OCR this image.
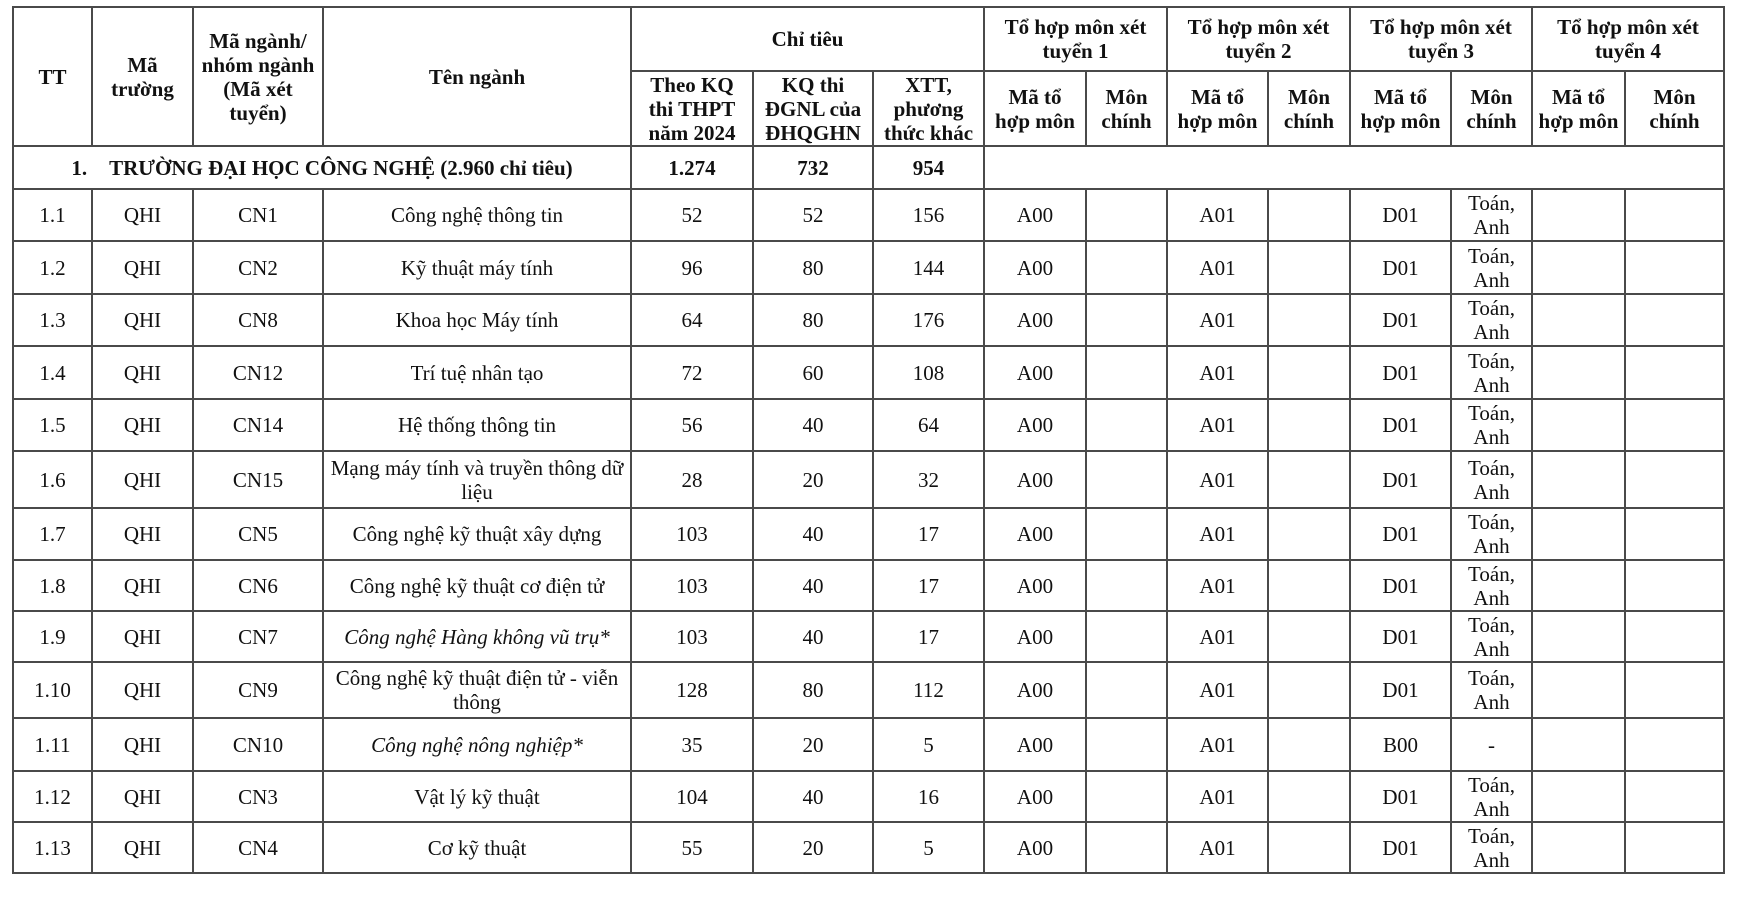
TT	Mã trường	Mã ngành/ nhóm ngành (Mã xét tuyển)	Tên ngành	Chỉ tiêu			Tổ hợp môn xét tuyển 1		Tổ hợp môn xét tuyển 2		Tổ hợp môn xét tuyển 3		Tổ hợp môn xét tuyển 4	
				Theo KQ thi THPT năm 2024	KQ thi ĐGNL của ĐHQGHN	XTT, phương thức khác	Mã tổ hợp môn	Môn chính	Mã tổ hợp môn	Môn chính	Mã tổ hợp môn	Môn chính	Mã tổ hợp môn	Môn chính
1. TRƯỜNG ĐẠI HỌC CÔNG NGHỆ (2.960 chỉ tiêu)				1.274	732	954								
1.1	QHI	CN1	Công nghệ thông tin	52	52	156	A00		A01		D01	Toán, Anh		
1.2	QHI	CN2	Kỹ thuật máy tính	96	80	144	A00		A01		D01	Toán, Anh		
1.3	QHI	CN8	Khoa học Máy tính	64	80	176	A00		A01		D01	Toán, Anh		
1.4	QHI	CN12	Trí tuệ nhân tạo	72	60	108	A00		A01		D01	Toán, Anh		
1.5	QHI	CN14	Hệ thống thông tin	56	40	64	A00		A01		D01	Toán, Anh		
1.6	QHI	CN15	Mạng máy tính và truyền thông dữ liệu	28	20	32	A00		A01		D01	Toán, Anh		
1.7	QHI	CN5	Công nghệ kỹ thuật xây dựng	103	40	17	A00		A01		D01	Toán, Anh		
1.8	QHI	CN6	Công nghệ kỹ thuật cơ điện tử	103	40	17	A00		A01		D01	Toán, Anh		
1.9	QHI	CN7	Công nghệ Hàng không vũ trụ*	103	40	17	A00		A01		D01	Toán, Anh		
1.10	QHI	CN9	Công nghệ kỹ thuật điện tử - viễn thông	128	80	112	A00		A01		D01	Toán, Anh		
1.11	QHI	CN10	Công nghệ nông nghiệp*	35	20	5	A00		A01		B00	-		
1.12	QHI	CN3	Vật lý kỹ thuật	104	40	16	A00		A01		D01	Toán, Anh		
1.13	QHI	CN4	Cơ kỹ thuật	55	20	5	A00		A01		D01	Toán, Anh		
